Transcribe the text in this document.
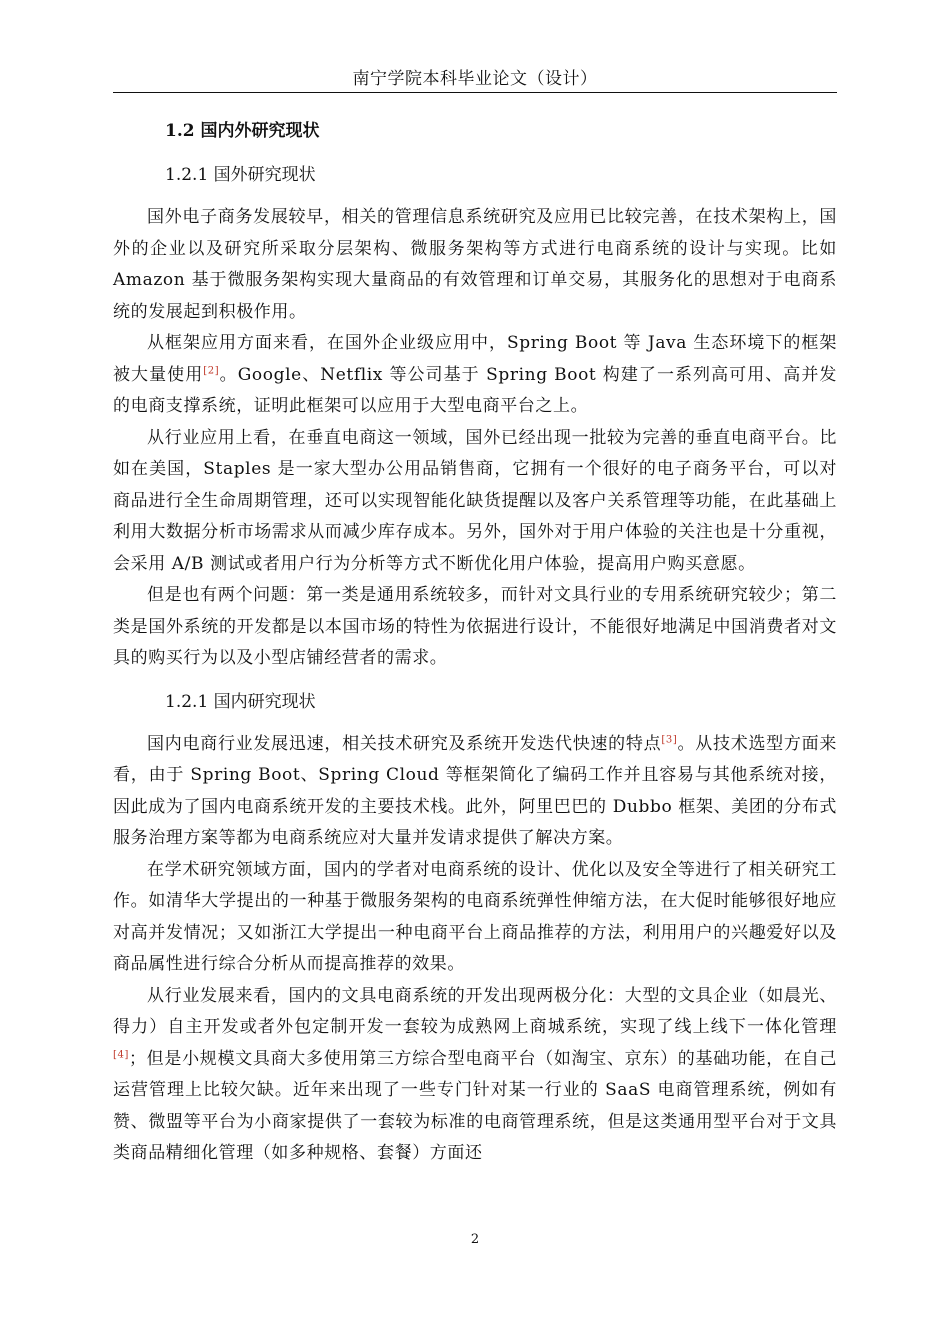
南宁学院本科毕业论文（设计）
1.2 国内外研究现状
1.2.1 国外研究现状

国外电子商务发展较早，相关的管理信息系统研究及应用已比较完善，在技术架构上，国外的企业以及研究所采取分层架构、微服务架构等方式进行电商系统的设计与实现。比如 Amazon 基于微服务架构实现大量商品的有效管理和订单交易，其服务化的思想对于电商系统的发展起到积极作用。

从框架应用方面来看，在国外企业级应用中，Spring Boot 等 Java 生态环境下的框架被大量使用[2]。Google、Netflix 等公司基于 Spring Boot 构建了一系列高可用、高并发的电商支撑系统，证明此框架可以应用于大型电商平台之上。

从行业应用上看，在垂直电商这一领域，国外已经出现一批较为完善的垂直电商平台。比如在美国，Staples 是一家大型办公用品销售商，它拥有一个很好的电子商务平台，可以对商品进行全生命周期管理，还可以实现智能化缺货提醒以及客户关系管理等功能，在此基础上利用大数据分析市场需求从而减少库存成本。另外，国外对于用户体验的关注也是十分重视，会采用 A/B 测试或者用户行为分析等方式不断优化用户体验，提高用户购买意愿。

但是也有两个问题：第一类是通用系统较多，而针对文具行业的专用系统研究较少；第二类是国外系统的开发都是以本国市场的特性为依据进行设计，不能很好地满足中国消费者对文具的购买行为以及小型店铺经营者的需求。

1.2.1 国内研究现状

国内电商行业发展迅速，相关技术研究及系统开发迭代快速的特点[3]。从技术选型方面来看，由于 Spring Boot、Spring Cloud 等框架简化了编码工作并且容易与其他系统对接，因此成为了国内电商系统开发的主要技术栈。此外，阿里巴巴的 Dubbo 框架、美团的分布式服务治理方案等都为电商系统应对大量并发请求提供了解决方案。

在学术研究领域方面，国内的学者对电商系统的设计、优化以及安全等进行了相关研究工作。如清华大学提出的一种基于微服务架构的电商系统弹性伸缩方法，在大促时能够很好地应对高并发情况；又如浙江大学提出一种电商平台上商品推荐的方法，利用用户的兴趣爱好以及商品属性进行综合分析从而提高推荐的效果。

从行业发展来看，国内的文具电商系统的开发出现两极分化：大型的文具企业（如晨光、得力）自主开发或者外包定制开发一套较为成熟网上商城系统，实现了线上线下一体化管理[4]；但是小规模文具商大多使用第三方综合型电商平台（如淘宝、京东）的基础功能，在自己运营管理上比较欠缺。近年来出现了一些专门针对某一行业的 SaaS 电商管理系统，例如有赞、微盟等平台为小商家提供了一套较为标准的电商管理系统，但是这类通用型平台对于文具类商品精细化管理（如多种规格、套餐）方面还

2
